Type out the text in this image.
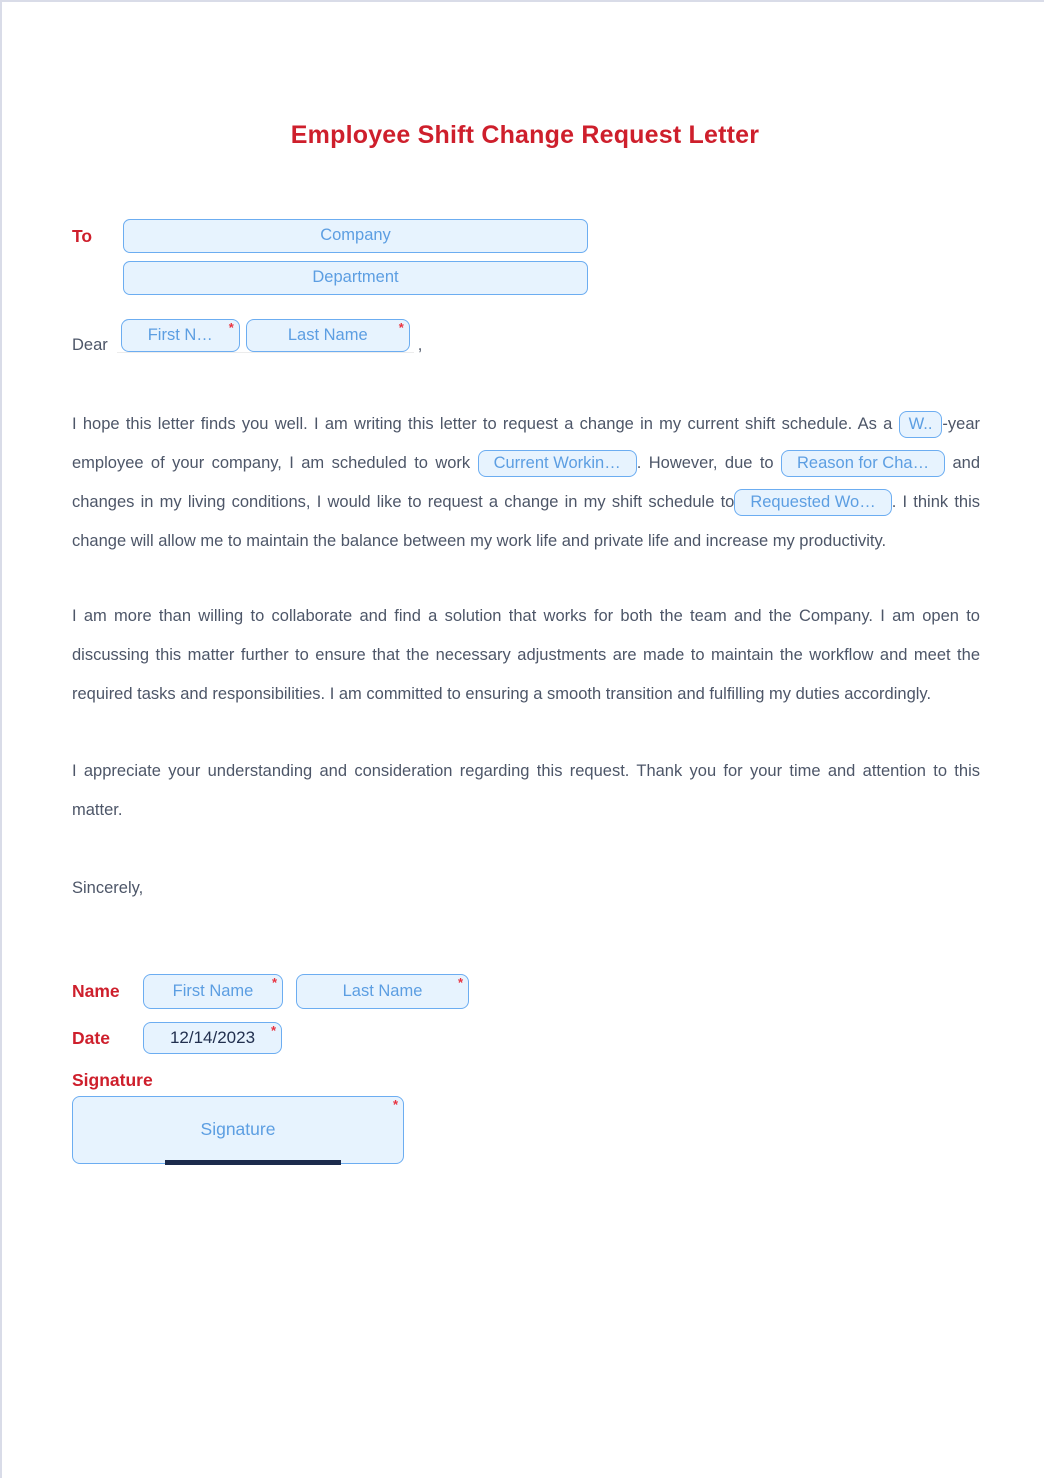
Employee Shift Change Request Letter
To	Company
Department
Dear
First N… *	Last Name *
,

I hope this letter finds you well. I am writing this letter to request a change in my current shift schedule. As a W.. -year employee of your company, I am scheduled to work Current Workin… . However, due to Reason for Cha… and changes in my living conditions, I would like to request a change in my shift schedule to Requested Wo… . I think this change will allow me to maintain the balance between my work life and private life and increase my productivity.

I am more than willing to collaborate and find a solution that works for both the team and the Company. I am open to discussing this matter further to ensure that the necessary adjustments are made to maintain the workflow and meet the required tasks and responsibilities. I am committed to ensuring a smooth transition and fulfilling my duties accordingly.

I appreciate your understanding and consideration regarding this request. Thank you for your time and attention to this matter.

Sincerely,

Name	First Name *	Last Name	*
Date	12/14/2023 *
Signature
Signature
*
